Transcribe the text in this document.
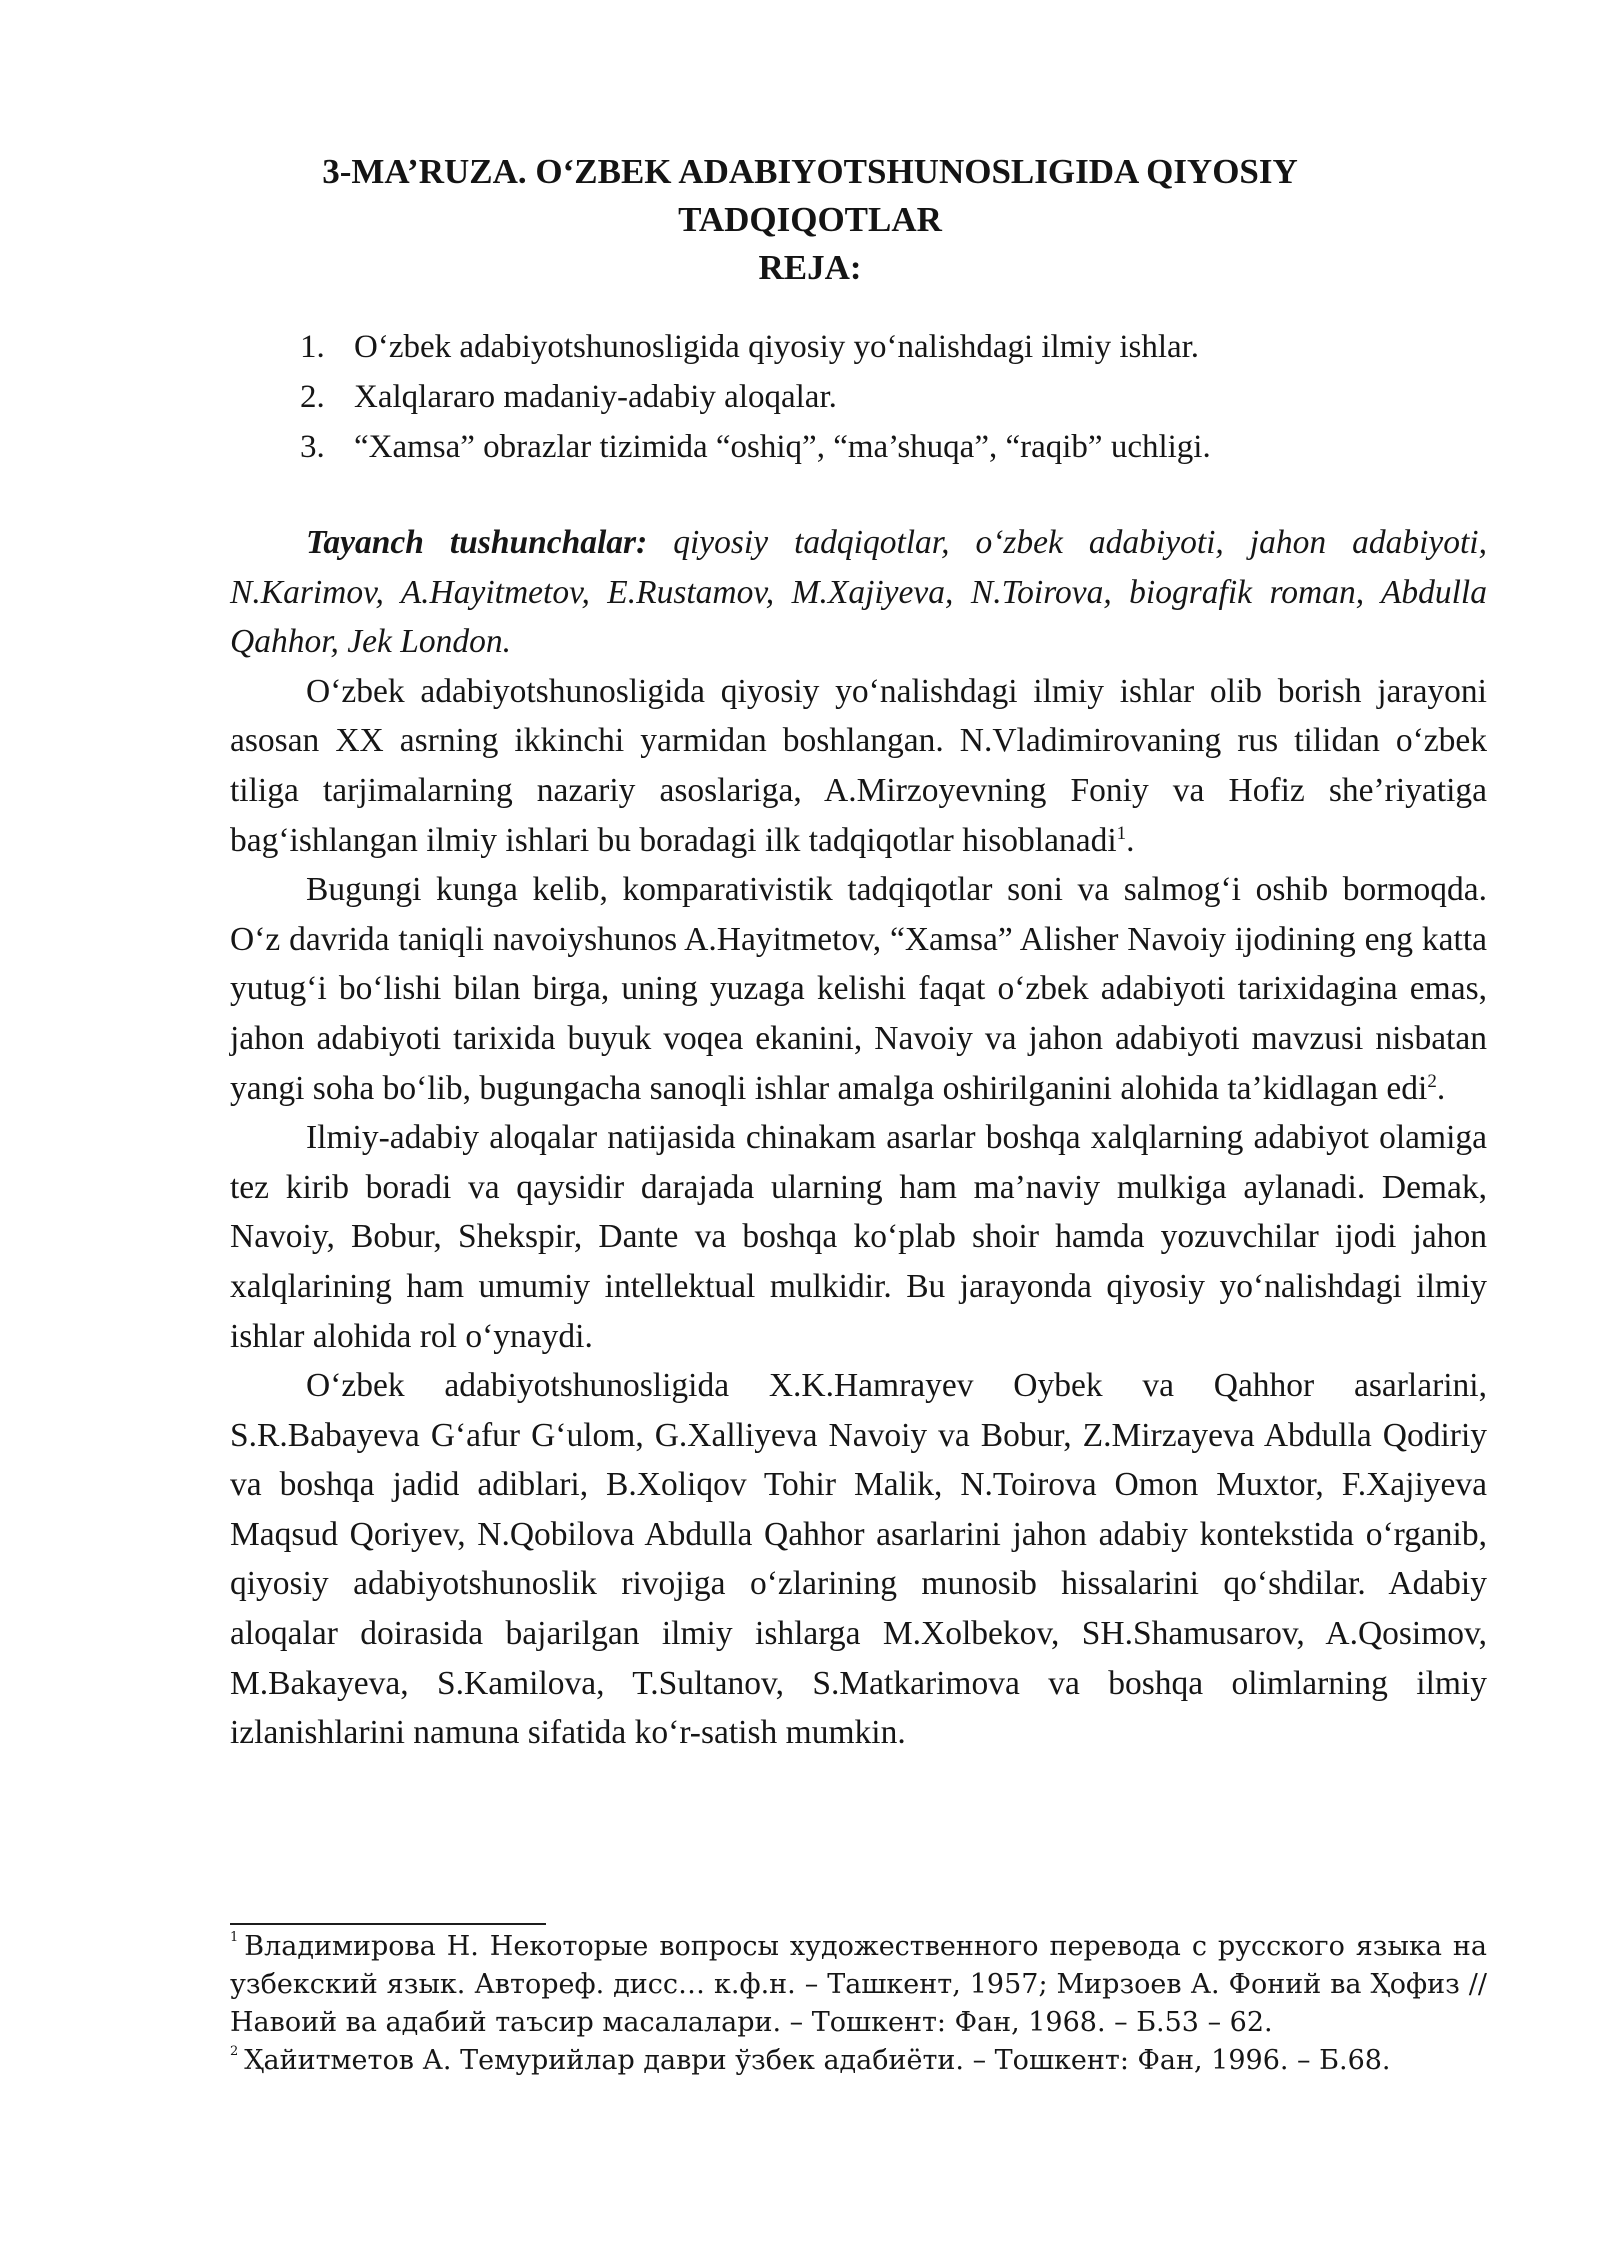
3-MA’RUZA. O‘ZBEK ADABIYOTSHUNOSLIGIDA QIYOSIY
TADQIQOTLAR
REJA:
1. O‘zbek adabiyotshunosligida qiyosiy yo‘nalishdagi ilmiy ishlar.
2. Xalqlararo madaniy-adabiy aloqalar.
3. “Xamsa” obrazlar tizimida “oshiq”, “ma’shuqa”, “raqib” uchligi.

Tayanch tushunchalar: qiyosiy tadqiqotlar, o‘zbek adabiyoti, jahon adabiyoti, N.Karimov, A.Hayitmetov, E.Rustamov, M.Xajiyeva, N.Toirova, biografik roman, Abdulla Qahhor, Jek London.

O‘zbek adabiyotshunosligida qiyosiy yo‘nalishdagi ilmiy ishlar olib borish jarayoni asosan XX asrning ikkinchi yarmidan boshlangan. N.Vladimirovaning rus tilidan o‘zbek tiliga tarjimalarning nazariy asoslariga, A.Mirzoyevning Foniy va Hofiz she’riyatiga bag‘ishlangan ilmiy ishlari bu boradagi ilk tadqiqotlar hisoblanadi$^1$.

Bugungi kunga kelib, komparativistik tadqiqotlar soni va salmog‘i oshib bormoqda. O‘z davrida taniqli navoiyshunos A.Hayitmetov, “Xamsa” Alisher Navoiy ijodining eng katta yutug‘i bo‘lishi bilan birga, uning yuzaga kelishi faqat o‘zbek adabiyoti tarixidagina emas, jahon adabiyoti tarixida buyuk voqea ekanini, Navoiy va jahon adabiyoti mavzusi nisbatan yangi soha bo‘lib, bugungacha sanoqli ishlar amalga oshirilganini alohida ta’kidlagan edi$^2$.

Ilmiy-adabiy aloqalar natijasida chinakam asarlar boshqa xalqlarning adabiyot olamiga tez kirib boradi va qaysidir darajada ularning ham ma’naviy mulkiga aylanadi. Demak, Navoiy, Bobur, Shekspir, Dante va boshqa ko‘plab shoir hamda yozuvchilar ijodi jahon xalqlarining ham umumiy intellektual mulkidir. Bu jarayonda qiyosiy yo‘nalishdagi ilmiy ishlar alohida rol o‘ynaydi.

O‘zbek adabiyotshunosligida X.K.Hamrayev Oybek va Qahhor asarlarini, S.R.Babayeva G‘afur G‘ulom, G.Xalliyeva Navoiy va Bobur, Z.Mirzayeva Abdulla Qodiriy va boshqa jadid adiblari, B.Xoliqov Tohir Malik, N.Toirova Omon Muxtor, F.Xajiyeva Maqsud Qoriyev, N.Qobilova Abdulla Qahhor asarlarini jahon adabiy kontekstida o‘rganib, qiyosiy adabiyotshunoslik rivojiga o‘zlarining munosib hissalarini qo‘shdilar. Adabiy aloqalar doirasida bajarilgan ilmiy ishlarga M.Xolbekov, SH.Shamusarov, A.Qosimov, M.Bakayeva, S.Kamilova, T.Sultanov, S.Matkarimova va boshqa olimlarning ilmiy izlanishlarini namuna sifatida ko‘r-satish mumkin.

$^1$ Владимирова Н. Некоторые вопросы художественного перевода с русского языка на узбекский язык. Автореф. дисс… к.ф.н. – Ташкент, 1957; Мирзоев А. Фоний ва Ҳофиз // Навоий ва адабий таъсир масалалари. – Тошкент: Фан, 1968. – Б.53 – 62.

$^2$ Ҳайитметов А. Темурийлар даври ўзбек адабиёти. – Тошкент: Фан, 1996. – Б.68.
